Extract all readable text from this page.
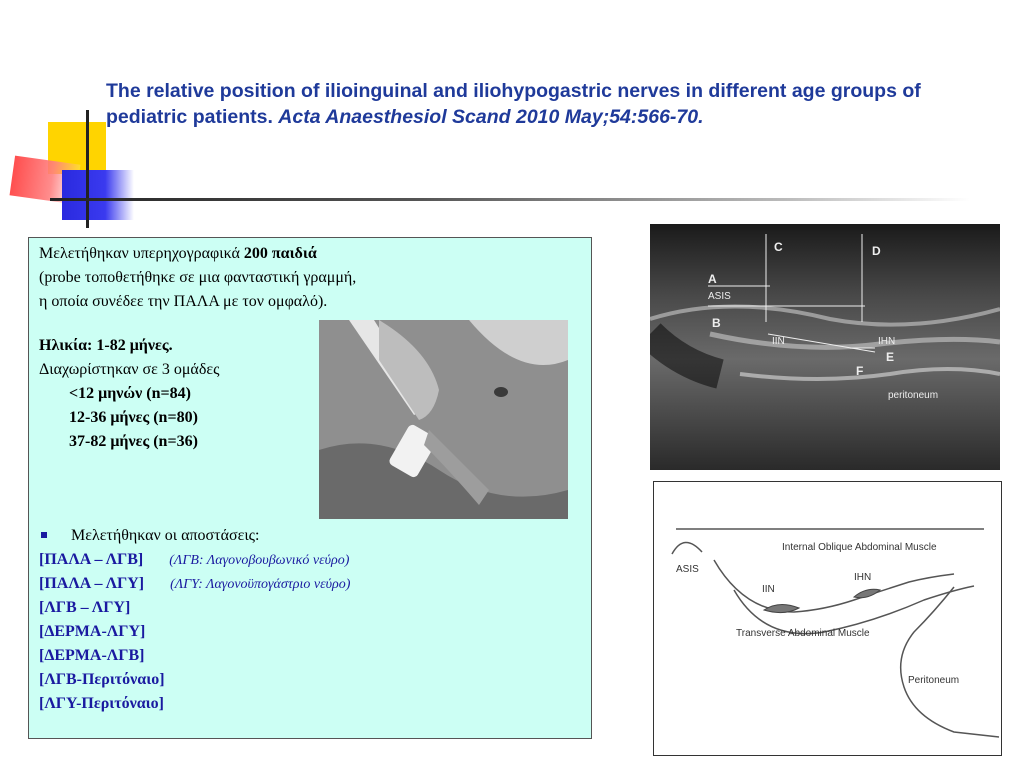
The relative position of ilioinguinal and iliohypogastric nerves in different age groups of pediatric patients. Acta Anaesthesiol Scand 2010 May;54:566-70.
Μελετήθηκαν υπερηχογραφικά 200 παιδιά
(probe τοποθετήθηκε σε μια φανταστική γραμμή,
η οποία συνέδεε την ΠΑΛΑ με τον ομφαλό).
Ηλικία: 1-82 μήνες.
Διαχωρίστηκαν σε 3 ομάδες
<12 μηνών (n=84)
12-36 μήνες (n=80)
37-82 μήνες (n=36)
Μελετήθηκαν οι αποστάσεις:
[ΠΑΛΑ – ΛΓΒ] (ΛΓΒ: Λαγονοβουβωνικό νεύρο)
[ΠΑΛΑ – ΛΓΥ] (ΛΓΥ: Λαγονοϋπογάστριο νεύρο)
[ΛΓΒ – ΛΓΥ]
[ΔΕΡΜΑ-ΛΓΥ]
[ΔΕΡΜΑ-ΛΓΒ]
[ΛΓΒ-Περιτόναιο]
[ΛΓΥ-Περιτόναιο]
C	D
A
ASIS
B
IIN	IHN
E
F
peritoneum
Internal Oblique Abdominal Muscle
ASIS
IIN
IHN
Transverse Abdominal Muscle
Peritoneum
